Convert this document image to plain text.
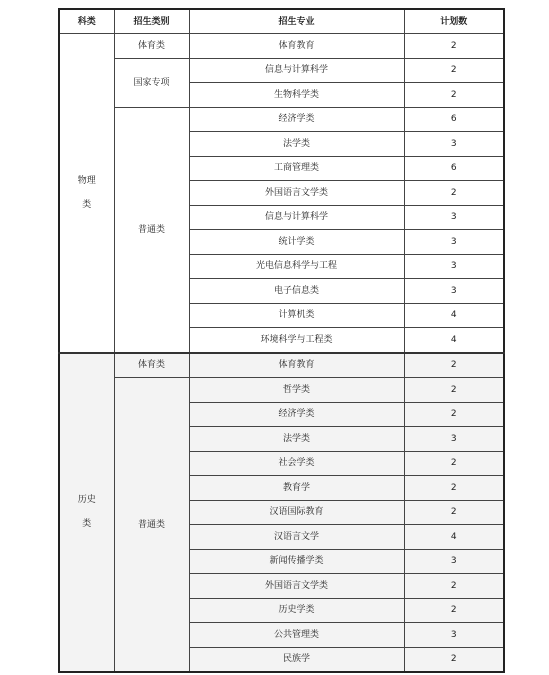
科类	招生类别	招生专业	计划数

物理
类	体育类	体育教育	2
	国家专项	信息与计算科学	2
		生物科学类	2
	普通类	经济学类	6
		法学类	3
		工商管理类	6
		外国语言文学类	2
		信息与计算科学	3
		统计学类	3
		光电信息科学与工程	3
		电子信息类	3
		计算机类	4
		环境科学与工程类	4

历史
类	体育类	体育教育	2
	普通类	哲学类	2
		经济学类	2
		法学类	3
		社会学类	2
		教育学	2
		汉语国际教育	2
		汉语言文学	4
		新闻传播学类	3
		外国语言文学类	2
		历史学类	2
		公共管理类	3
		民族学	2
